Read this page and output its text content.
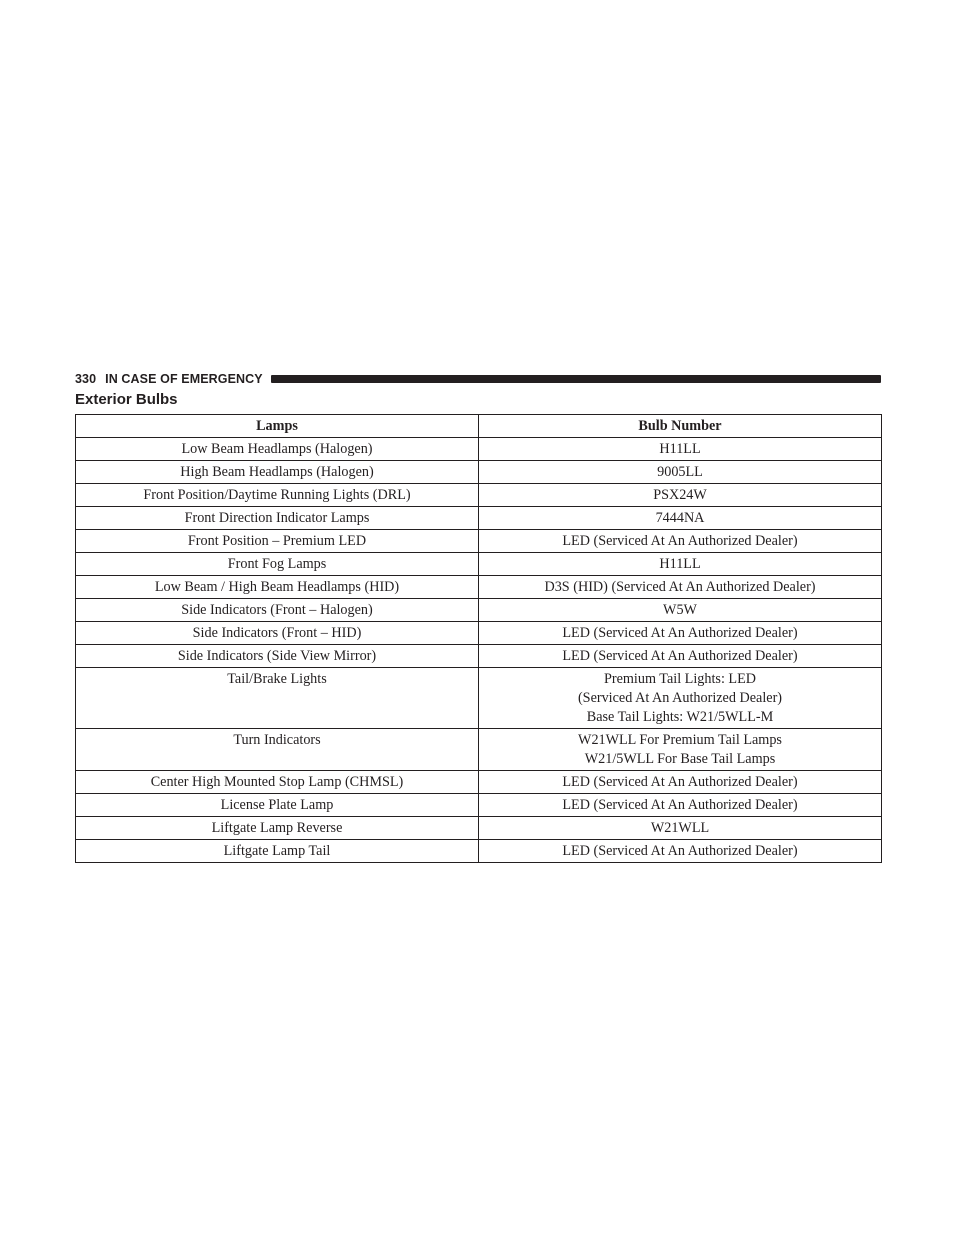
330 IN CASE OF EMERGENCY
Exterior Bulbs
Lamps	Bulb Number
Low Beam Headlamps (Halogen)	H11LL

High Beam Headlamps (Halogen)	9005LL

Front Position/Daytime Running Lights (DRL)	PSX24W

Front Direction Indicator Lamps	7444NA

Front Position – Premium LED	LED (Serviced At An Authorized Dealer)

Front Fog Lamps	H11LL

Low Beam / High Beam Headlamps (HID)	D3S (HID) (Serviced At An Authorized Dealer)

Side Indicators (Front – Halogen)	W5W

Side Indicators (Front – HID)	LED (Serviced At An Authorized Dealer)

Side Indicators (Side View Mirror)	LED (Serviced At An Authorized Dealer)

Tail/Brake Lights	Premium Tail Lights: LED
(Serviced At An Authorized Dealer)
Base Tail Lights: W21/5WLL-M

Turn Indicators	W21WLL For Premium Tail Lamps
W21/5WLL For Base Tail Lamps

Center High Mounted Stop Lamp (CHMSL)	LED (Serviced At An Authorized Dealer)

License Plate Lamp	LED (Serviced At An Authorized Dealer)

Liftgate Lamp Reverse	W21WLL

Liftgate Lamp Tail	LED (Serviced At An Authorized Dealer)
